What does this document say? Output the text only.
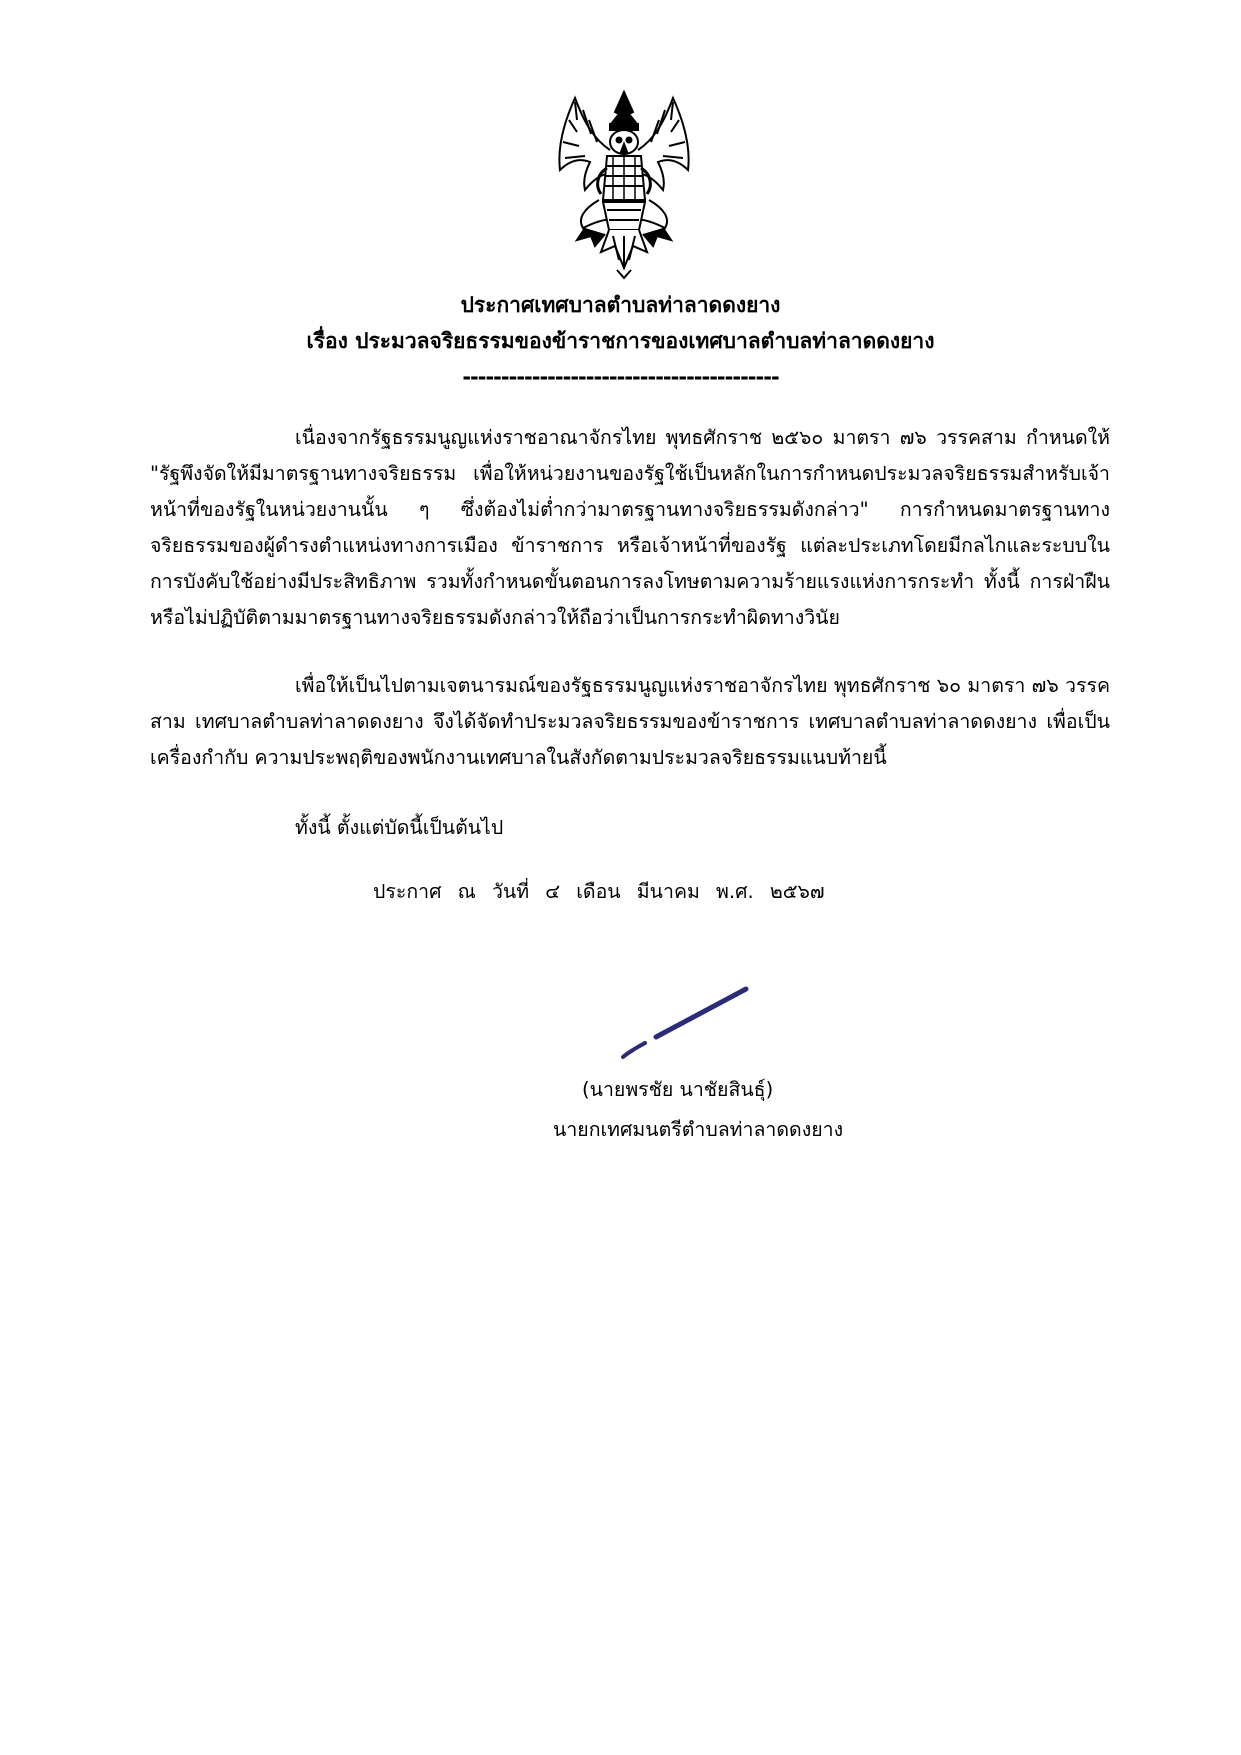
ประกาศเทศบาลตำบลท่าลาดดงยาง
เรื่อง ประมวลจริยธรรมของข้าราชการของเทศบาลตำบลท่าลาดดงยาง
-----------------------------------------

เนื่องจากรัฐธรรมนูญแห่งราชอาณาจักรไทย พุทธศักราช ๒๕๖๐ มาตรา ๗๖ วรรคสาม กำหนดให้ "รัฐพึงจัดให้มีมาตรฐานทางจริยธรรม เพื่อให้หน่วยงานของรัฐใช้เป็นหลักในการกำหนดประมวลจริยธรรมสำหรับเจ้าหน้าที่ของรัฐในหน่วยงานนั้น ๆ ซึ่งต้องไม่ต่ำกว่ามาตรฐานทางจริยธรรมดังกล่าว" การกำหนดมาตรฐานทางจริยธรรมของผู้ดำรงตำแหน่งทางการเมือง ข้าราชการ หรือเจ้าหน้าที่ของรัฐ แต่ละประเภทโดยมีกลไกและระบบในการบังคับใช้อย่างมีประสิทธิภาพ รวมทั้งกำหนดขั้นตอนการลงโทษตามความร้ายแรงแห่งการกระทำ ทั้งนี้ การฝ่าฝืนหรือไม่ปฏิบัติตามมาตรฐานทางจริยธรรมดังกล่าวให้ถือว่าเป็นการกระทำผิดทางวินัย

เพื่อให้เป็นไปตามเจตนารมณ์ของรัฐธรรมนูญแห่งราชอาจักรไทย พุทธศักราช ๖๐ มาตรา ๗๖ วรรคสาม เทศบาลตำบลท่าลาดดงยาง จึงได้จัดทำประมวลจริยธรรมของข้าราชการ เทศบาลตำบลท่าลาดดงยาง เพื่อเป็นเครื่องกำกับ ความประพฤติของพนักงานเทศบาลในสังกัดตามประมวลจริยธรรมแนบท้ายนี้

ทั้งนี้ ตั้งแต่บัดนี้เป็นต้นไป
ประกาศ ณ วันที่ ๔ เดือน มีนาคม พ.ศ. ๒๕๖๗
(นายพรชัย นาชัยสินธุ์)
นายกเทศมนตรีตำบลท่าลาดดงยาง
